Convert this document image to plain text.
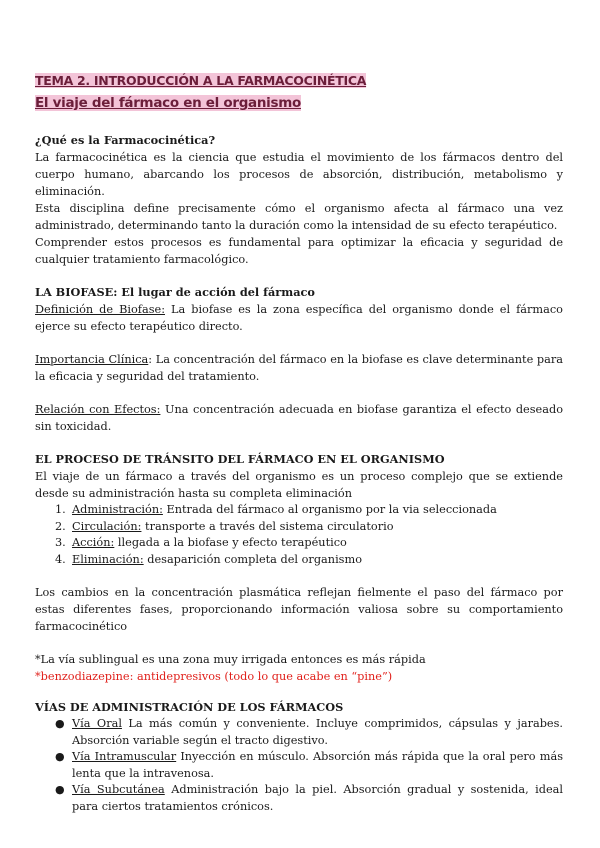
TEMA 2. INTRODUCCIÓN A LA FARMACOCINÉTICA
El viaje del fármaco en el organismo

¿Qué es la Farmacocinética?

La farmacocinética es la ciencia que estudia el movimiento de los fármacos dentro del cuerpo humano, abarcando los procesos de absorción, distribución, metabolismo y eliminación.

Esta disciplina define precisamente cómo el organismo afecta al fármaco una vez administrado, determinando tanto la duración como la intensidad de su efecto terapéutico.

Comprender estos procesos es fundamental para optimizar la eficacia y seguridad de cualquier tratamiento farmacológico.

LA BIOFASE: El lugar de acción del fármaco

Definición de Biofase: La biofase es la zona específica del organismo donde el fármaco ejerce su efecto terapéutico directo.

Importancia Clínica: La concentración del fármaco en la biofase es clave determinante para la eficacia y seguridad del tratamiento.

Relación con Efectos: Una concentración adecuada en biofase garantiza el efecto deseado sin toxicidad.

EL PROCESO DE TRÁNSITO DEL FÁRMACO EN EL ORGANISMO

El viaje de un fármaco a través del organismo es un proceso complejo que se extiende desde su administración hasta su completa eliminación

1. Administración: Entrada del fármaco al organismo por la via seleccionada
2. Circulación: transporte a través del sistema circulatorio
3. Acción: llegada a la biofase y efecto terapéutico
4. Eliminación: desaparición completa del organismo

Los cambios en la concentración plasmática reflejan fielmente el paso del fármaco por estas diferentes fases, proporcionando información valiosa sobre su comportamiento farmacocinético

*La vía sublingual es una zona muy irrigada entonces es más rápida

*benzodiazepine: antidepresivos (todo lo que acabe en “pine”)

VÍAS DE ADMINISTRACIÓN DE LOS FÁRMACOS

● Vía Oral La más común y conveniente. Incluye comprimidos, cápsulas y jarabes. Absorción variable según el tracto digestivo.
● Vía Intramuscular Inyección en músculo. Absorción más rápida que la oral pero más lenta que la intravenosa.
● Vía Subcutánea Administración bajo la piel. Absorción gradual y sostenida, ideal para ciertos tratamientos crónicos.
